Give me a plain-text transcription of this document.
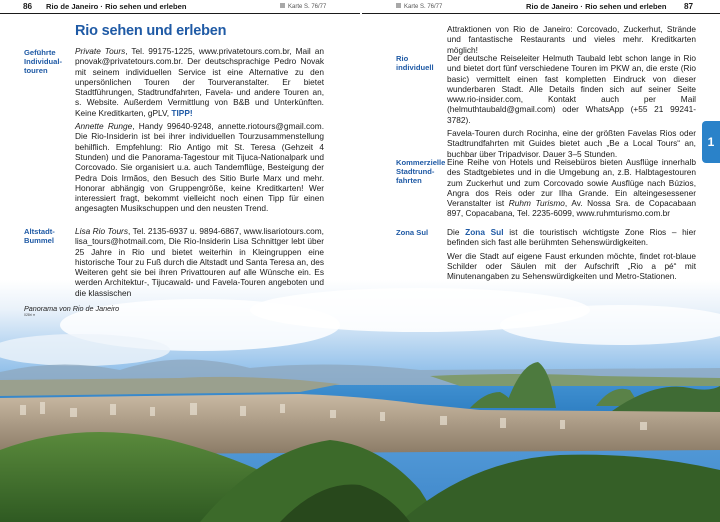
86 Rio de Janeiro · Rio sehen und erleben	Karte S. 76/77	Karte S. 76/77	Rio de Janeiro · Rio sehen und erleben 87
Rio sehen und erleben
Geführte Individual-touren
Altstadt-Bummel
Rio individuell
Kommerzielle Stadtrund-fahrten
Zona Sul

Private Tours, Tel. 99175-1225, www.privatetours.com.br, Mail an pnovak@privatetours.com.br. Der deutschsprachige Pedro Novak mit seinem individuellen Service ist eine Alternative zu den unpersönlichen Touren der Tourveranstalter. Er bietet Stadtführungen, Stadtrundfahrten, Favela- und andere Touren an, s. Website. Außerdem Vermittlung von B&B und Unterkünften. Keine Kreditkarten, gPLV, TIPP!

Annette Runge, Handy 99640-9248, annette.riotours@gmail.com. Die Rio-Insiderin ist bei ihrer individuellen Tourzusammenstellung behilflich. Empfehlung: Rio Antigo mit St. Teresa (Gehzeit 4 Stunden) und die Panorama-Tagestour mit Tijuca-Nationalpark und Corcovado. Sie organisiert u.a. auch Tandemflüge, Besteigung der Pedra Dois Irmãos, den Besuch des Sitio Burle Marx und mehr. Honorar abhängig von Gruppengröße, keine Kreditkarten! Wer interessiert fragt, bekommt vielleicht noch einen Tipp für einen angesagten Musikschuppen und den neusten Trend.

Lisa Rio Tours, Tel. 2135-6937 u. 9894-6867, www.lisariotours.com, lisa_tours@hotmail.com, Die Rio-Insiderin Lisa Schnittger lebt über 25 Jahre in Rio und bietet weiterhin in Kleingruppen eine historische Tour zu Fuß durch die Altstadt und Santa Teresa an, des Weiteren geht sie bei ihren Privattouren auf alle Wünsche ein. Es werden Architektur-, Tijucawald- und Favela-Touren angeboten und die klassischen

Attraktionen von Rio de Janeiro: Corcovado, Zuckerhut, Strände und fantastische Restaurants und vieles mehr. Kreditkarten möglich!

Der deutsche Reiseleiter Helmuth Taubald lebt schon lange in Rio und bietet dort fünf verschiedene Touren im PKW an, die erste (Rio basic) vermittelt einen fast kompletten Eindruck von dieser wunderbaren Stadt. Alle Details finden sich auf seiner Seite www.rio-insider.com, Kontakt auch per Mail (helmuthtaubald@gmail.com) oder WhatsApp (+55 21 99241-3782).

Favela-Touren durch Rocinha, eine der größten Favelas Rios oder Stadtrundfahrten mit Guides bietet auch „Be a Local Tours“ an, buchbar über Tripadvisor. Dauer 3–5 Stunden.

Eine Reihe von Hotels und Reisebüros bieten Ausflüge innerhalb des Stadtgebietes und in die Umgebung an, z.B. Halbtagestouren zum Zuckerhut und zum Corcovado sowie Ausflüge nach Búzios, Angra dos Reis oder zur Ilha Grande. Ein alteingesessener Veranstalter ist Ruhm Turismo, Av. Nossa Sra. de Copacabaan 897, Copacabana, Tel. 2235-6099, www.ruhmturismo.com.br

Die Zona Sul ist die touristisch wichtigste Zone Rios – hier befinden sich fast alle berühmten Sehenswürdigkeiten.

Wer die Stadt auf eigene Faust erkunden möchte, findet rot-blaue Schilder oder Säulen mit der Aufschrift „Rio a pé“ mit Minutenangaben zu Sehenswürdigkeiten und Metro-Stationen.

1
Panorama von Rio de Janeiro
028ri rr
